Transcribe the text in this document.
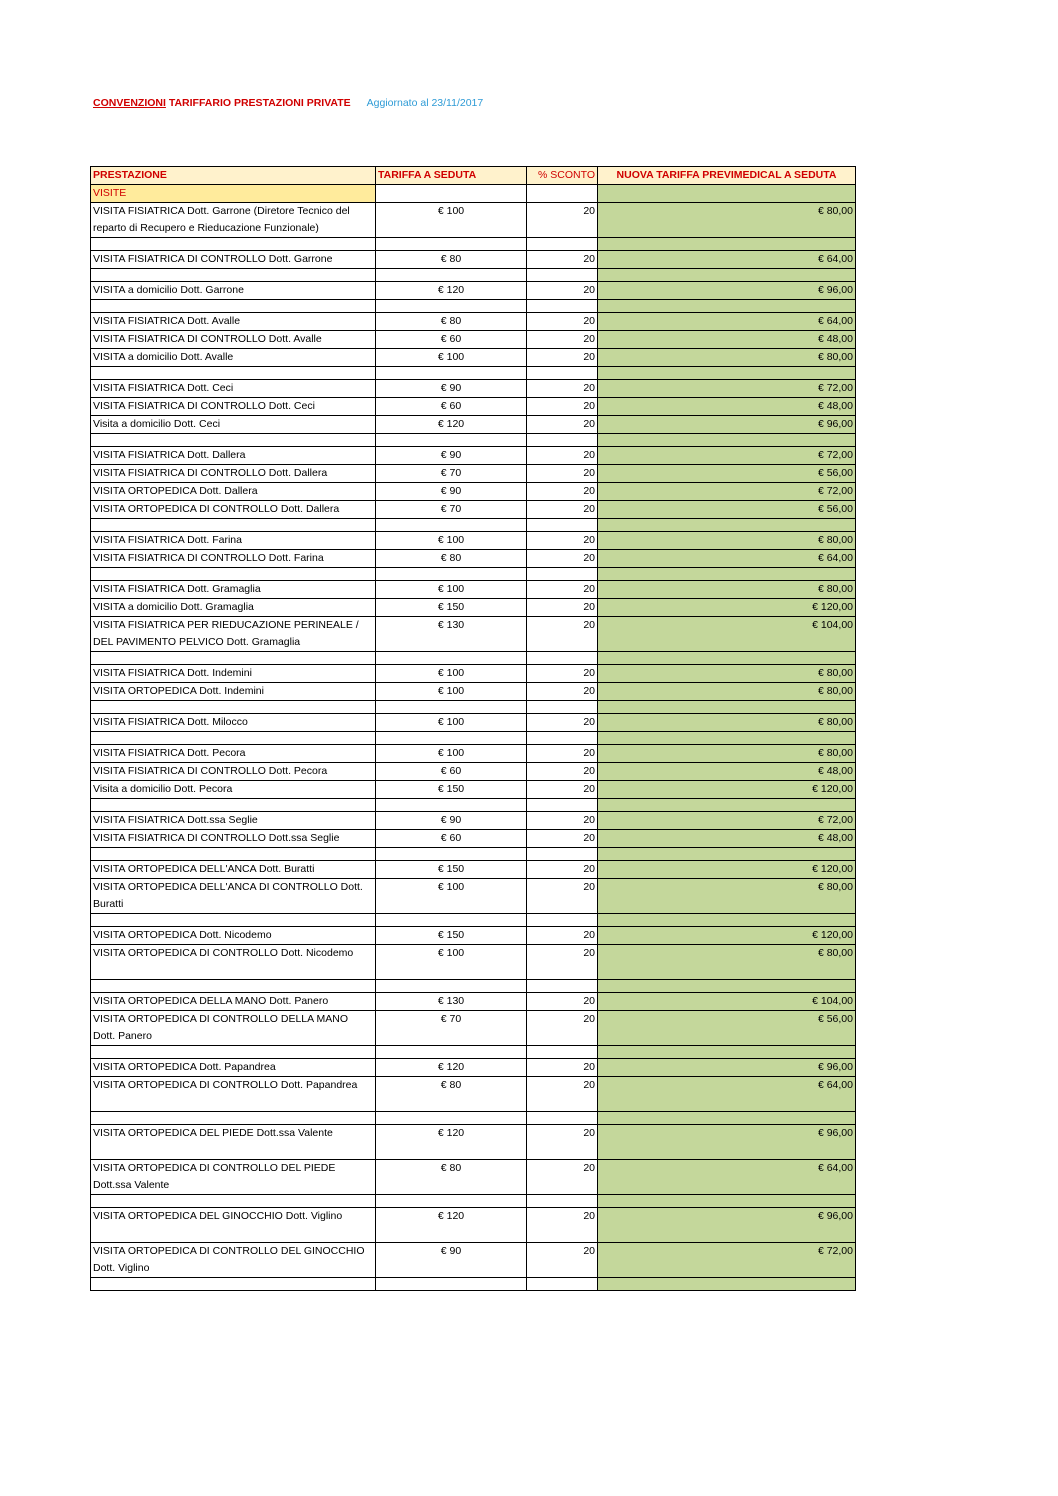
CONVENZIONI TARIFFARIO PRESTAZIONI PRIVATE Aggiornato al 23/11/2017
PRESTAZIONE	TARIFFA A SEDUTA	% SCONTO	NUOVA TARIFFA PREVIMEDICAL A SEDUTA
VISITE			
VISITA FISIATRICA Dott. Garrone (Diretore Tecnico del reparto di Recupero e Rieducazione Funzionale)	€ 100	20	€ 80,00

VISITA FISIATRICA DI CONTROLLO Dott. Garrone	€ 80	20	€ 64,00

VISITA a domicilio Dott. Garrone	€ 120	20	€ 96,00

VISITA FISIATRICA Dott. Avalle	€ 80	20	€ 64,00
VISITA FISIATRICA DI CONTROLLO Dott. Avalle	€ 60	20	€ 48,00
VISITA a domicilio Dott. Avalle	€ 100	20	€ 80,00

VISITA FISIATRICA Dott. Ceci	€ 90	20	€ 72,00
VISITA FISIATRICA DI CONTROLLO Dott. Ceci	€ 60	20	€ 48,00
Visita a domicilio Dott. Ceci	€ 120	20	€ 96,00

VISITA FISIATRICA Dott. Dallera	€ 90	20	€ 72,00
VISITA FISIATRICA DI CONTROLLO Dott. Dallera	€ 70	20	€ 56,00
VISITA ORTOPEDICA Dott. Dallera	€ 90	20	€ 72,00
VISITA ORTOPEDICA DI CONTROLLO Dott. Dallera	€ 70	20	€ 56,00

VISITA FISIATRICA Dott. Farina	€ 100	20	€ 80,00
VISITA FISIATRICA DI CONTROLLO Dott. Farina	€ 80	20	€ 64,00

VISITA FISIATRICA Dott. Gramaglia	€ 100	20	€ 80,00
VISITA a domicilio Dott. Gramaglia	€ 150	20	€ 120,00
VISITA FISIATRICA PER RIEDUCAZIONE PERINEALE / DEL PAVIMENTO PELVICO Dott. Gramaglia	€ 130	20	€ 104,00

VISITA FISIATRICA Dott. Indemini	€ 100	20	€ 80,00
VISITA ORTOPEDICA Dott. Indemini	€ 100	20	€ 80,00

VISITA FISIATRICA Dott. Milocco	€ 100	20	€ 80,00

VISITA FISIATRICA Dott. Pecora	€ 100	20	€ 80,00
VISITA FISIATRICA DI CONTROLLO Dott. Pecora	€ 60	20	€ 48,00
Visita a domicilio Dott. Pecora	€ 150	20	€ 120,00

VISITA FISIATRICA Dott.ssa Seglie	€ 90	20	€ 72,00
VISITA FISIATRICA DI CONTROLLO Dott.ssa Seglie	€ 60	20	€ 48,00

VISITA ORTOPEDICA DELL'ANCA Dott. Buratti	€ 150	20	€ 120,00
VISITA ORTOPEDICA DELL'ANCA DI CONTROLLO Dott. Buratti	€ 100	20	€ 80,00

VISITA ORTOPEDICA Dott. Nicodemo	€ 150	20	€ 120,00
VISITA ORTOPEDICA DI CONTROLLO Dott. Nicodemo	€ 100	20	€ 80,00

VISITA ORTOPEDICA DELLA MANO Dott. Panero	€ 130	20	€ 104,00
VISITA ORTOPEDICA DI CONTROLLO DELLA MANO Dott. Panero	€ 70	20	€ 56,00

VISITA ORTOPEDICA Dott. Papandrea	€ 120	20	€ 96,00
VISITA ORTOPEDICA DI CONTROLLO Dott. Papandrea	€ 80	20	€ 64,00

VISITA ORTOPEDICA DEL PIEDE Dott.ssa Valente	€ 120	20	€ 96,00
VISITA ORTOPEDICA DI CONTROLLO DEL PIEDE Dott.ssa Valente	€ 80	20	€ 64,00

VISITA ORTOPEDICA DEL GINOCCHIO Dott. Viglino	€ 120	20	€ 96,00
VISITA ORTOPEDICA DI CONTROLLO DEL GINOCCHIO Dott. Viglino	€ 90	20	€ 72,00
